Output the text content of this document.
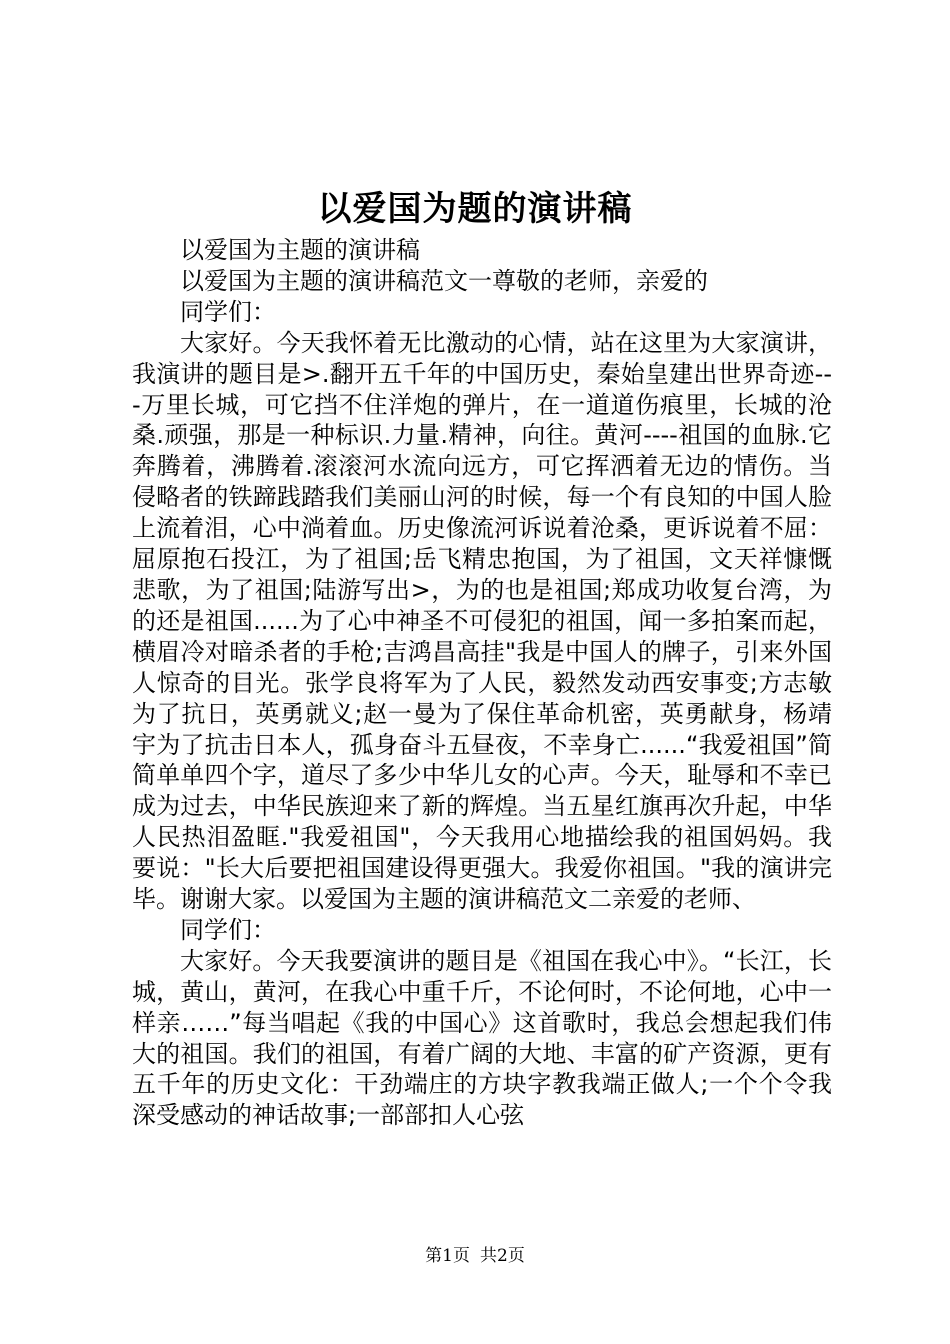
以爱国为题的演讲稿

以爱国为主题的演讲稿

以爱国为主题的演讲稿范文一尊敬的老师，亲爱的

同学们：

大家好。今天我怀着无比激动的心情，站在这里为大家演讲，我演讲的题目是>.翻开五千年的中国历史，秦始皇建出世界奇迹---万里长城，可它挡不住洋炮的弹片，在一道道伤痕里，长城的沧桑.顽强，那是一种标识.力量.精神，向往。黄河----祖国的血脉.它奔腾着，沸腾着.滚滚河水流向远方，可它挥洒着无边的情伤。当侵略者的铁蹄践踏我们美丽山河的时候，每一个有良知的中国人脸上流着泪，心中淌着血。历史像流河诉说着沧桑，更诉说着不屈：屈原抱石投江，为了祖国;岳飞精忠抱国，为了祖国，文天祥慷慨悲歌，为了祖国;陆游写出>，为的也是祖国;郑成功收复台湾，为的还是祖国......为了心中神圣不可侵犯的祖国，闻一多拍案而起，横眉冷对暗杀者的手枪;吉鸿昌高挂"我是中国人的牌子，引来外国人惊奇的目光。张学良将军为了人民，毅然发动西安事变;方志敏为了抗日，英勇就义;赵一曼为了保住革命机密，英勇献身，杨靖宇为了抗击日本人，孤身奋斗五昼夜，不幸身亡......“我爱祖国”简简单单四个字，道尽了多少中华儿女的心声。今天，耻辱和不幸已成为过去，中华民族迎来了新的辉煌。当五星红旗再次升起，中华人民热泪盈眶."我爱祖国"，今天我用心地描绘我的祖国妈妈。我要说："长大后要把祖国建设得更强大。我爱你祖国。"我的演讲完毕。谢谢大家。以爱国为主题的演讲稿范文二亲爱的老师、

同学们：

大家好。今天我要演讲的题目是《祖国在我心中》。“长江，长城，黄山，黄河，在我心中重千斤，不论何时，不论何地，心中一样亲……”每当唱起《我的中国心》这首歌时，我总会想起我们伟大的祖国。我们的祖国，有着广阔的大地、丰富的矿产资源，更有五千年的历史文化：干劲端庄的方块字教我端正做人;一个个令我深受感动的神话故事;一部部扣人心弦

第1页 共2页
